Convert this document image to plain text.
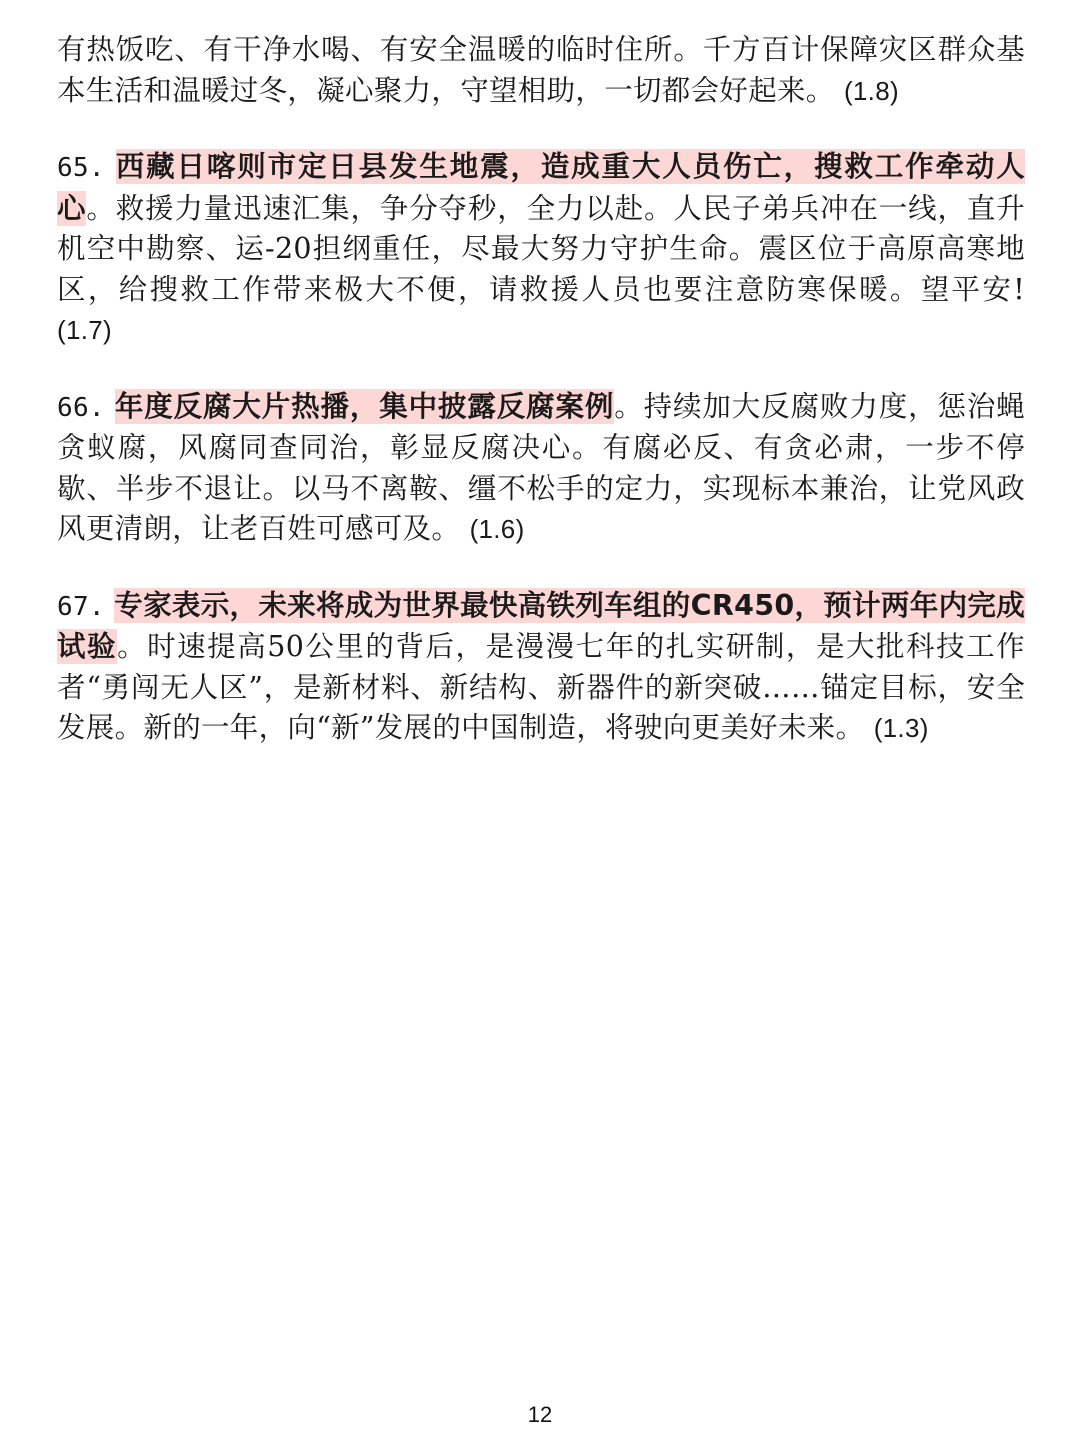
有热饭吃、有干净水喝、有安全温暖的临时住所。千方百计保障灾区群众基本生活和温暖过冬，凝心聚力，守望相助，一切都会好起来。 (1.8)

65. 西藏日喀则市定日县发生地震，造成重大人员伤亡，搜救工作牵动人心。救援力量迅速汇集，争分夺秒，全力以赴。人民子弟兵冲在一线，直升机空中勘察、运-20担纲重任，尽最大努力守护生命。震区位于高原高寒地区，给搜救工作带来极大不便，请救援人员也要注意防寒保暖。望平安! (1.7)

66. 年度反腐大片热播，集中披露反腐案例。持续加大反腐败力度，惩治蝇贪蚁腐，风腐同查同治，彰显反腐决心。有腐必反、有贪必肃，一步不停歇、半步不退让。以马不离鞍、缰不松手的定力，实现标本兼治，让党风政风更清朗，让老百姓可感可及。 (1.6)

67. 专家表示，未来将成为世界最快高铁列车组的CR450，预计两年内完成试验。时速提高50公里的背后，是漫漫七年的扎实研制，是大批科技工作者“勇闯无人区”，是新材料、新结构、新器件的新突破……锚定目标，安全发展。新的一年，向“新”发展的中国制造，将驶向更美好未来。 (1.3)

12
